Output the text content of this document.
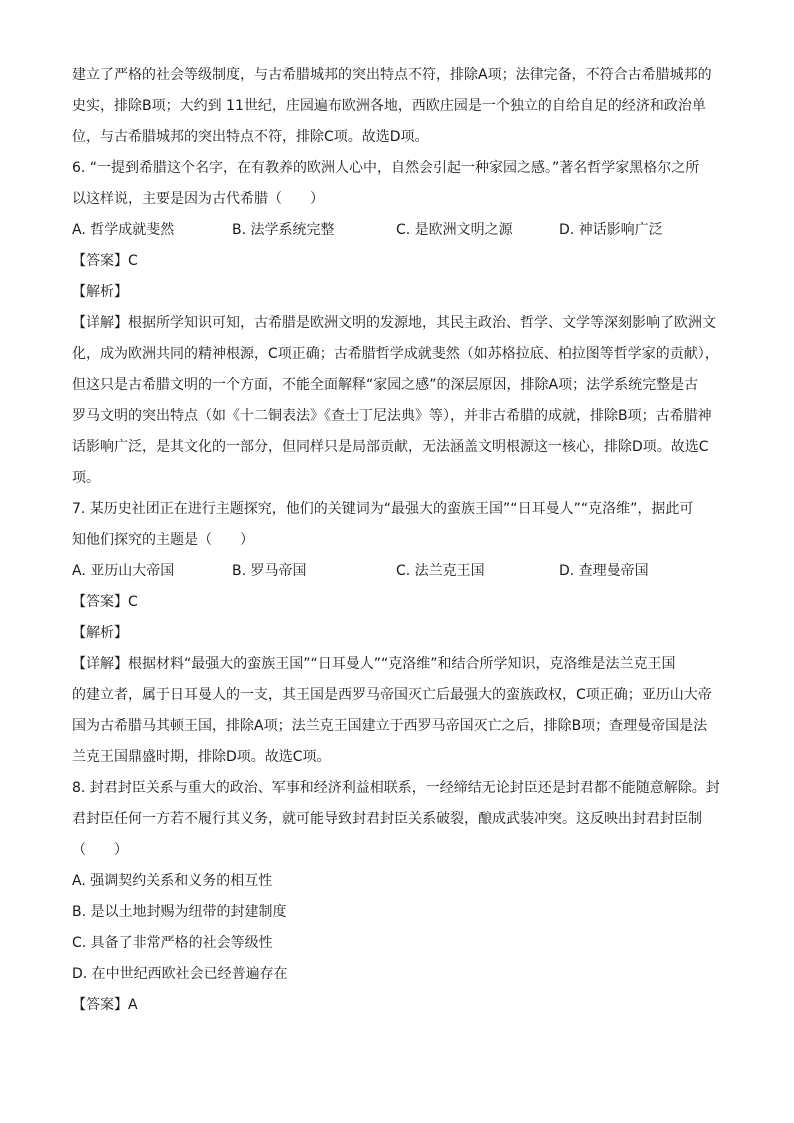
建立了严格的社会等级制度，与古希腊城邦的突出特点不符，排除A项；法律完备，不符合古希腊城邦的
史实，排除B项；大约到 11世纪，庄园遍布欧洲各地，西欧庄园是一个独立的自给自足的经济和政治单
位，与古希腊城邦的突出特点不符，排除C项。故选D项。
6. “一提到希腊这个名字，在有教养的欧洲人心中，自然会引起一种家园之感。”著名哲学家黑格尔之所
以这样说，主要是因为古代希腊（　　）
A. 哲学成就斐然	B. 法学系统完整	C. 是欧洲文明之源	D. 神话影响广泛
【答案】C
【解析】
【详解】根据所学知识可知，古希腊是欧洲文明的发源地，其民主政治、哲学、文学等深刻影响了欧洲文
化，成为欧洲共同的精神根源，C项正确；古希腊哲学成就斐然（如苏格拉底、柏拉图等哲学家的贡献），
但这只是古希腊文明的一个方面，不能全面解释“家园之感”的深层原因，排除A项；法学系统完整是古
罗马文明的突出特点（如《十二铜表法》《查士丁尼法典》等），并非古希腊的成就，排除B项；古希腊神
话影响广泛，是其文化的一部分，但同样只是局部贡献，无法涵盖文明根源这一核心，排除D项。故选C
项。
7. 某历史社团正在进行主题探究，他们的关键词为“最强大的蛮族王国”“日耳曼人”“克洛维”，据此可
知他们探究的主题是（　　）
A. 亚历山大帝国	B. 罗马帝国	C. 法兰克王国	D. 查理曼帝国
【答案】C
【解析】
【详解】根据材料“最强大的蛮族王国”“日耳曼人”“克洛维”和结合所学知识，克洛维是法兰克王国
的建立者，属于日耳曼人的一支，其王国是西罗马帝国灭亡后最强大的蛮族政权，C项正确；亚历山大帝
国为古希腊马其顿王国，排除A项；法兰克王国建立于西罗马帝国灭亡之后，排除B项；查理曼帝国是法
兰克王国鼎盛时期，排除D项。故选C项。
8. 封君封臣关系与重大的政治、军事和经济利益相联系，一经缔结无论封臣还是封君都不能随意解除。封
君封臣任何一方若不履行其义务，就可能导致封君封臣关系破裂，酿成武装冲突。这反映出封君封臣制
（　　）
A. 强调契约关系和义务的相互性
B. 是以土地封赐为纽带的封建制度
C. 具备了非常严格的社会等级性
D. 在中世纪西欧社会已经普遍存在
【答案】A
